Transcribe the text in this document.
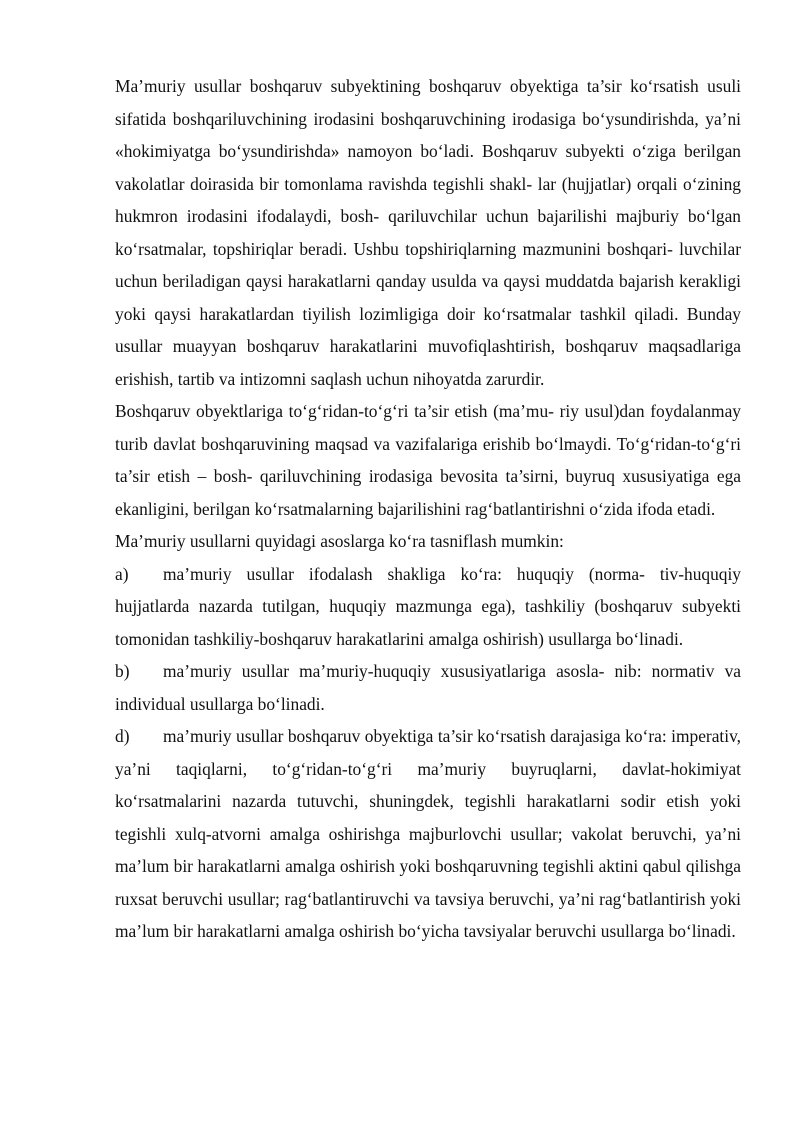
Ma’muriy usullar boshqaruv subyektining boshqaruv obyektiga ta’sir ko‘rsatish usuli sifatida boshqariluvchining irodasini boshqaruvchining irodasiga bo‘ysundirishda, ya’ni «hokimiyatga bo‘ysundirishda» namoyon bo‘ladi. Boshqaruv subyekti o‘ziga berilgan vakolatlar doirasida bir tomonlama ravishda tegishli shakl- lar (hujjatlar) orqali o‘zining hukmron irodasini ifodalaydi, bosh- qariluvchilar uchun bajarilishi majburiy bo‘lgan ko‘rsatmalar, topshiriqlar beradi. Ushbu topshiriqlarning mazmunini boshqari- luvchilar uchun beriladigan qaysi harakatlarni qanday usulda va qaysi muddatda bajarish kerakligi yoki qaysi harakatlardan tiyilish lozimligiga doir ko‘rsatmalar tashkil qiladi. Bunday usullar muayyan boshqaruv harakatlarini muvofiqlashtirish, boshqaruv maqsadlariga erishish, tartib va intizomni saqlash uchun nihoyatda zarurdir.

Boshqaruv obyektlariga to‘g‘ridan-to‘g‘ri ta’sir etish (ma’mu- riy usul)dan foydalanmay turib davlat boshqaruvining maqsad va vazifalariga erishib bo‘lmaydi. To‘g‘ridan-to‘g‘ri ta’sir etish – bosh- qariluvchining irodasiga bevosita ta’sirni, buyruq xususiyatiga ega ekanligini, berilgan ko‘rsatmalarning bajarilishini rag‘batlantirishni o‘zida ifoda etadi.

Ma’muriy usullarni quyidagi asoslarga ko‘ra tasniflash mumkin:

a) ma’muriy usullar ifodalash shakliga ko‘ra: huquqiy (norma- tiv-huquqiy hujjatlarda nazarda tutilgan, huquqiy mazmunga ega), tashkiliy (boshqaruv subyekti tomonidan tashkiliy-boshqaruv harakatlarini amalga oshirish) usullarga bo‘linadi.

b) ma’muriy usullar ma’muriy-huquqiy xususiyatlariga asosla- nib: normativ va individual usullarga bo‘linadi.

d) ma’muriy usullar boshqaruv obyektiga ta’sir ko‘rsatish darajasiga ko‘ra: imperativ, ya’ni taqiqlarni, to‘g‘ridan-to‘g‘ri ma’muriy buyruqlarni, davlat-hokimiyat ko‘rsatmalarini nazarda tutuvchi, shuningdek, tegishli harakatlarni sodir etish yoki tegishli xulq-atvorni amalga oshirishga majburlovchi usullar; vakolat beruvchi, ya’ni ma’lum bir harakatlarni amalga oshirish yoki boshqaruvning tegishli aktini qabul qilishga ruxsat beruvchi usullar; rag‘batlantiruvchi va tavsiya beruvchi, ya’ni rag‘batlantirish yoki ma’lum bir harakatlarni amalga oshirish bo‘yicha tavsiyalar beruvchi usullarga bo‘linadi.
